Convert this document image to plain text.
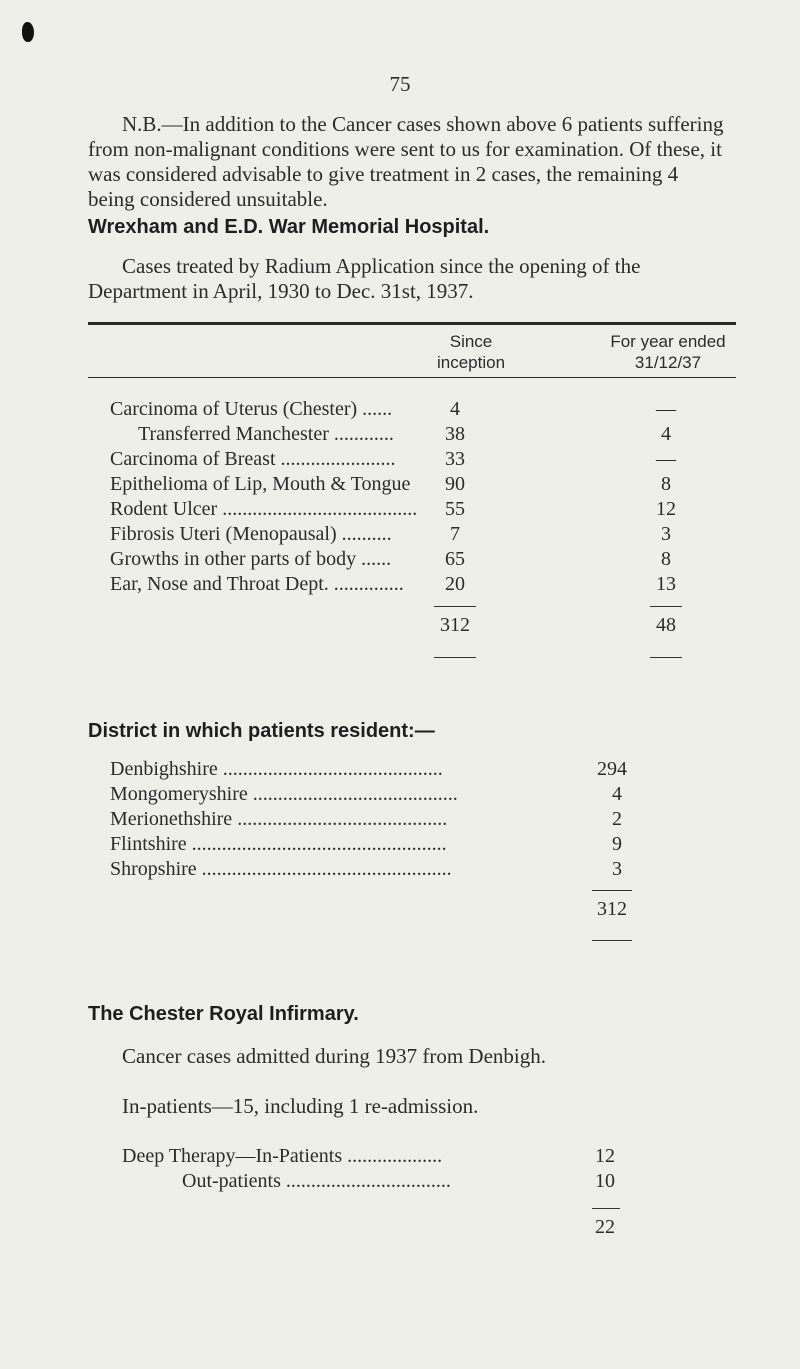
75

N.B.—In addition to the Cancer cases shown above 6 patients suffering from non-malignant conditions were sent to us for examination. Of these, it was considered advisable to give treatment in 2 cases, the remaining 4 being considered unsuitable.

Wrexham and E.D. War Memorial Hospital.

Cases treated by Radium Application since the opening of the Department in April, 1930 to Dec. 31st, 1937.

Since
inception
For year ended
31/12/37
Carcinoma of Uterus (Chester) ......	4	—
Transferred Manchester ............	38	4
Carcinoma of Breast .......................	33	—
Epithelioma of Lip, Mouth & Tongue	90	8
Rodent Ulcer .......................................	55	12
Fibrosis Uteri (Menopausal) ..........	7	3
Growths in other parts of body ......	65	8
Ear, Nose and Throat Dept. ..............	20	13
312	48
District in which patients resident:—
Denbighshire ............................................	294
Mongomeryshire .........................................	4
Merionethshire ..........................................	2
Flintshire ...................................................	9
Shropshire ..................................................	3
312
The Chester Royal Infirmary.

Cancer cases admitted during 1937 from Denbigh.

In-patients—15, including 1 re-admission.

Deep Therapy—In-Patients ...................	12
Out-patients .................................	10
22
